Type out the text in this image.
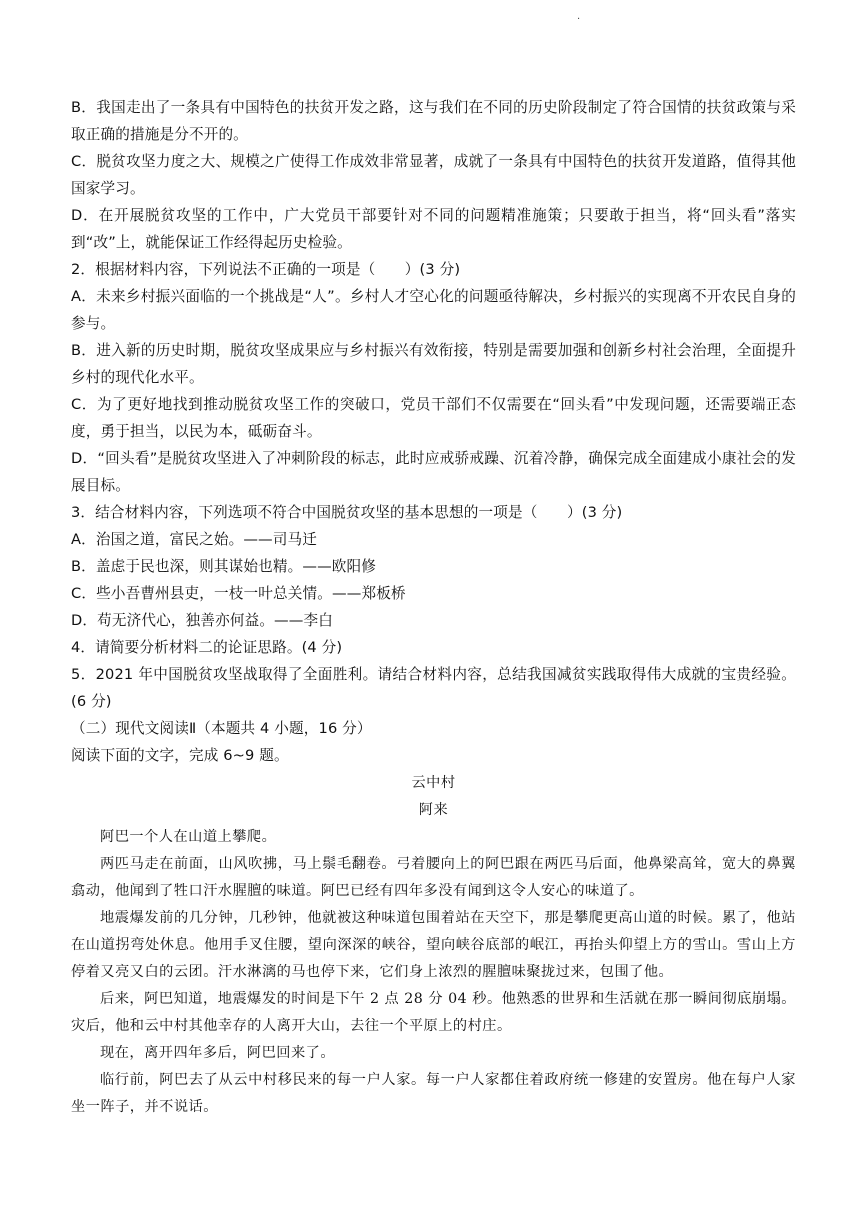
.

B．我国走出了一条具有中国特色的扶贫开发之路，这与我们在不同的历史阶段制定了符合国情的扶贫政策与采取正确的措施是分不开的。

C．脱贫攻坚力度之大、规模之广使得工作成效非常显著，成就了一条具有中国特色的扶贫开发道路，值得其他国家学习。

D．在开展脱贫攻坚的工作中，广大党员干部要针对不同的问题精准施策；只要敢于担当，将“回头看”落实到“改”上，就能保证工作经得起历史检验。

2．根据材料内容，下列说法不正确的一项是（　　）(3 分)

A．未来乡村振兴面临的一个挑战是“人”。乡村人才空心化的问题亟待解决，乡村振兴的实现离不开农民自身的参与。

B．进入新的历史时期，脱贫攻坚成果应与乡村振兴有效衔接，特别是需要加强和创新乡村社会治理，全面提升乡村的现代化水平。

C．为了更好地找到推动脱贫攻坚工作的突破口，党员干部们不仅需要在“回头看”中发现问题，还需要端正态度，勇于担当，以民为本，砥砺奋斗。

D．“回头看”是脱贫攻坚进入了冲刺阶段的标志，此时应戒骄戒躁、沉着冷静，确保完成全面建成小康社会的发展目标。

3．结合材料内容，下列选项不符合中国脱贫攻坚的基本思想的一项是（　　）(3 分)

A．治国之道，富民之始。——司马迁

B．盖虑于民也深，则其谋始也精。——欧阳修

C．些小吾曹州县吏，一枝一叶总关情。——郑板桥

D．苟无济代心，独善亦何益。——李白

4．请简要分析材料二的论证思路。(4 分)

5．2021 年中国脱贫攻坚战取得了全面胜利。请结合材料内容，总结我国减贫实践取得伟大成就的宝贵经验。(6 分)

（二）现代文阅读Ⅱ（本题共 4 小题，16 分）

阅读下面的文字，完成 6~9 题。

云中村

阿来

阿巴一个人在山道上攀爬。

两匹马走在前面，山风吹拂，马上鬃毛翻卷。弓着腰向上的阿巴跟在两匹马后面，他鼻梁高耸，宽大的鼻翼翕动，他闻到了牲口汗水腥膻的味道。阿巴已经有四年多没有闻到这令人安心的味道了。

地震爆发前的几分钟，几秒钟，他就被这种味道包围着站在天空下，那是攀爬更高山道的时候。累了，他站在山道拐弯处休息。他用手叉住腰，望向深深的峡谷，望向峡谷底部的岷江，再抬头仰望上方的雪山。雪山上方停着又亮又白的云团。汗水淋漓的马也停下来，它们身上浓烈的腥膻味聚拢过来，包围了他。

后来，阿巴知道，地震爆发的时间是下午 2 点 28 分 04 秒。他熟悉的世界和生活就在那一瞬间彻底崩塌。灾后，他和云中村其他幸存的人离开大山，去往一个平原上的村庄。

现在，离开四年多后，阿巴回来了。

临行前，阿巴去了从云中村移民来的每一户人家。每一户人家都住着政府统一修建的安置房。他在每户人家坐一阵子，并不说话。
